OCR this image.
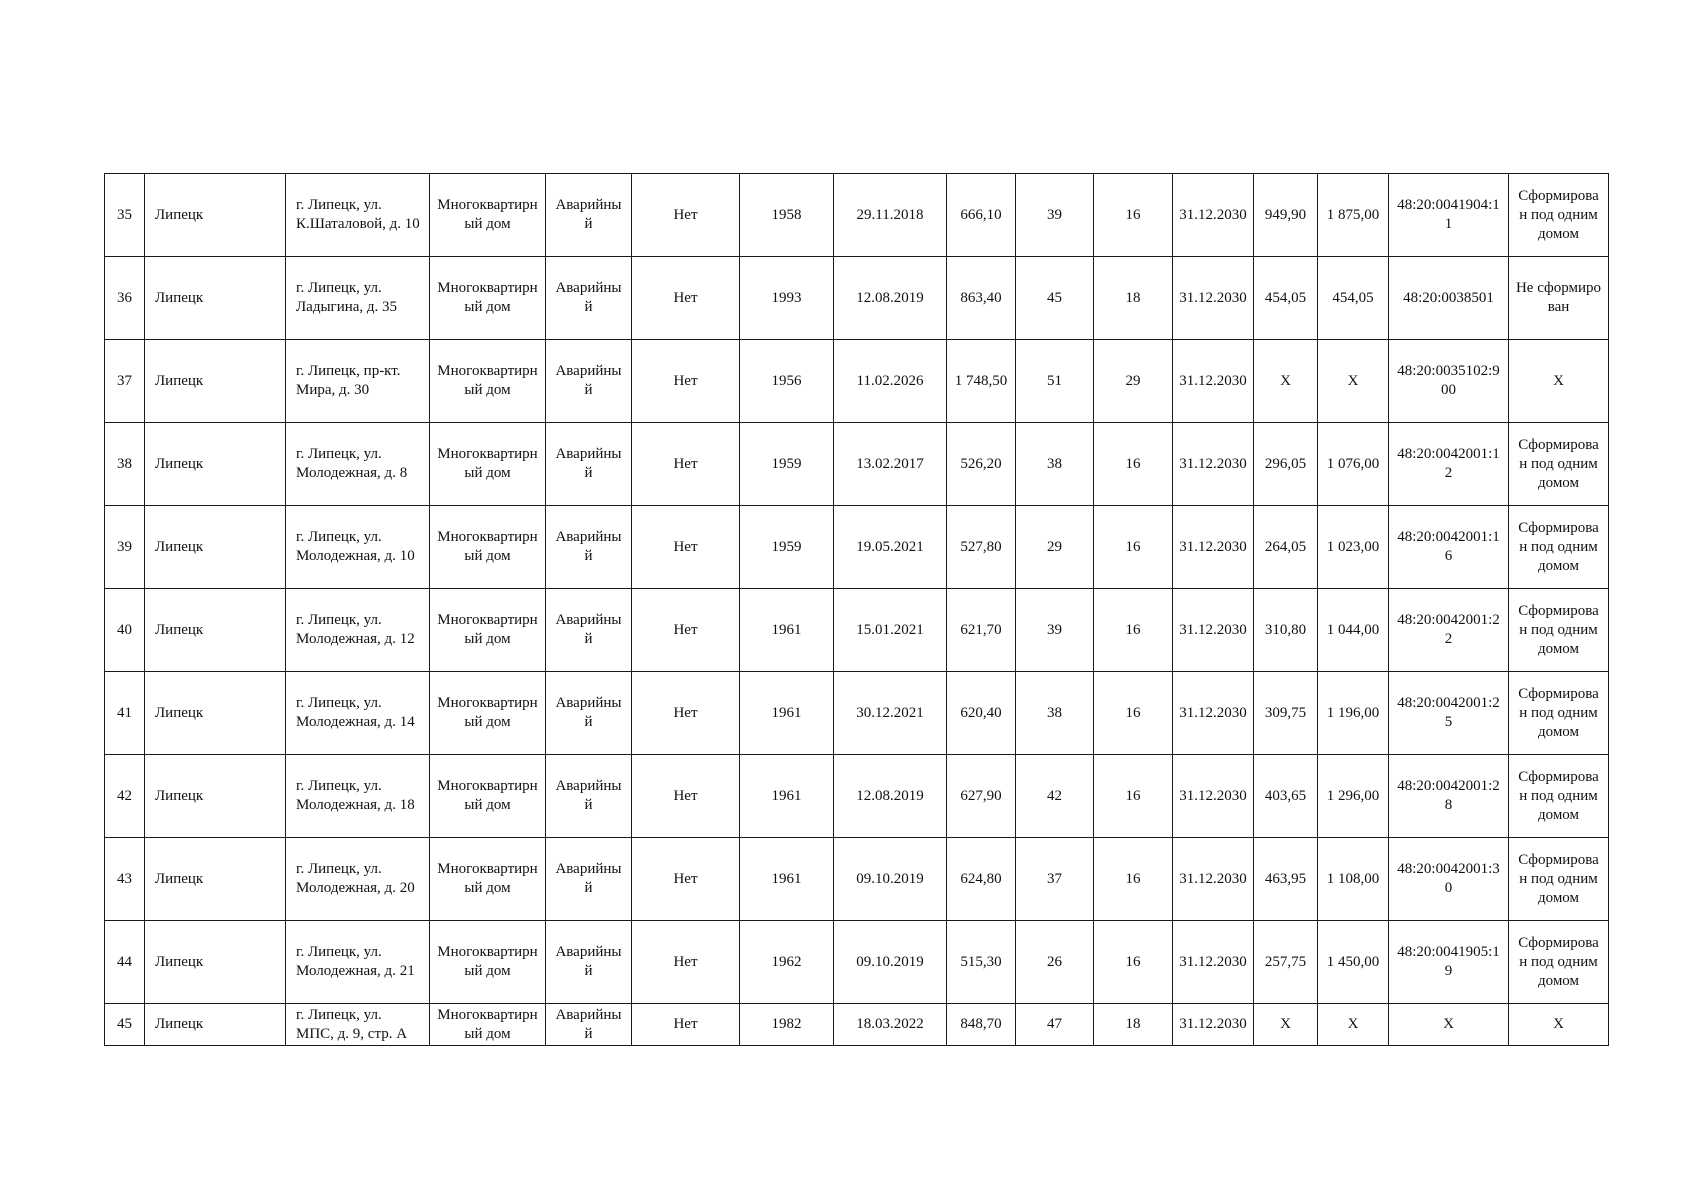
35	Липецк	г. Липецк, ул. К.Шаталовой, д. 10	Многоквартирный дом	Аварийный	Нет	1958	29.11.2018	666,10	39	16	31.12.2030	949,90	1 875,00	48:20:0041904:11	Сформирован под одним домом
36	Липецк	г. Липецк, ул. Ладыгина, д. 35	Многоквартирный дом	Аварийный	Нет	1993	12.08.2019	863,40	45	18	31.12.2030	454,05	454,05	48:20:0038501	Не сформирован
37	Липецк	г. Липецк, пр-кт. Мира, д. 30	Многоквартирный дом	Аварийный	Нет	1956	11.02.2026	1 748,50	51	29	31.12.2030	X	X	48:20:0035102:900	X
38	Липецк	г. Липецк, ул. Молодежная, д. 8	Многоквартирный дом	Аварийный	Нет	1959	13.02.2017	526,20	38	16	31.12.2030	296,05	1 076,00	48:20:0042001:12	Сформирован под одним домом
39	Липецк	г. Липецк, ул. Молодежная, д. 10	Многоквартирный дом	Аварийный	Нет	1959	19.05.2021	527,80	29	16	31.12.2030	264,05	1 023,00	48:20:0042001:16	Сформирован под одним домом
40	Липецк	г. Липецк, ул. Молодежная, д. 12	Многоквартирный дом	Аварийный	Нет	1961	15.01.2021	621,70	39	16	31.12.2030	310,80	1 044,00	48:20:0042001:22	Сформирован под одним домом
41	Липецк	г. Липецк, ул. Молодежная, д. 14	Многоквартирный дом	Аварийный	Нет	1961	30.12.2021	620,40	38	16	31.12.2030	309,75	1 196,00	48:20:0042001:25	Сформирован под одним домом
42	Липецк	г. Липецк, ул. Молодежная, д. 18	Многоквартирный дом	Аварийный	Нет	1961	12.08.2019	627,90	42	16	31.12.2030	403,65	1 296,00	48:20:0042001:28	Сформирован под одним домом
43	Липецк	г. Липецк, ул. Молодежная, д. 20	Многоквартирный дом	Аварийный	Нет	1961	09.10.2019	624,80	37	16	31.12.2030	463,95	1 108,00	48:20:0042001:30	Сформирован под одним домом
44	Липецк	г. Липецк, ул. Молодежная, д. 21	Многоквартирный дом	Аварийный	Нет	1962	09.10.2019	515,30	26	16	31.12.2030	257,75	1 450,00	48:20:0041905:19	Сформирован под одним домом
45	Липецк	г. Липецк, ул. МПС, д. 9, стр. А	Многоквартирный дом	Аварийный	Нет	1982	18.03.2022	848,70	47	18	31.12.2030	X	X	X	X
